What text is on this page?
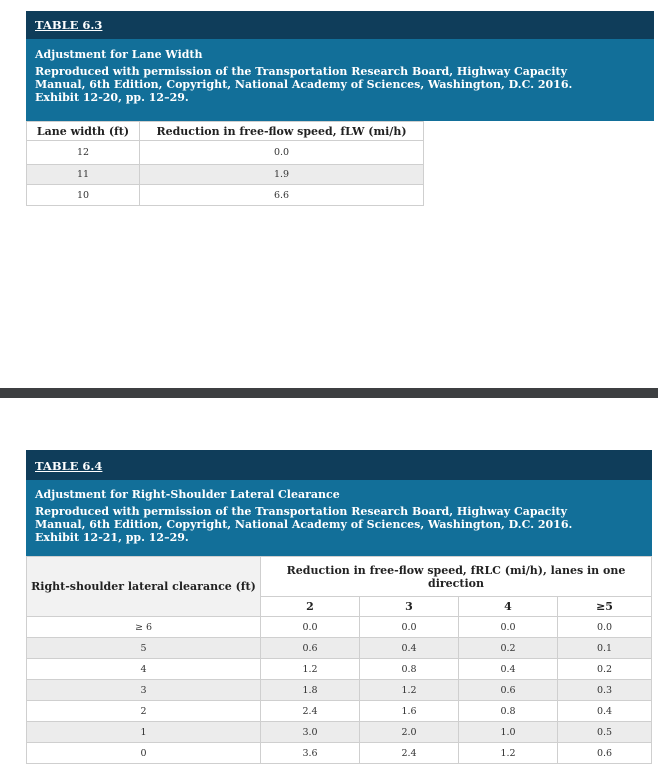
TABLE 6.3
Adjustment for Lane Width
Reproduced with permission of the Transportation Research Board, Highway Capacity
Manual, 6th Edition, Copyright, National Academy of Sciences, Washington, D.C. 2016.
Exhibit 12-20, pp. 12–29.
Lane width (ft)	Reduction in free-flow speed, fLW (mi/h)
12	0.0
11	1.9
10	6.6
TABLE 6.4
Adjustment for Right-Shoulder Lateral Clearance
Reproduced with permission of the Transportation Research Board, Highway Capacity
Manual, 6th Edition, Copyright, National Academy of Sciences, Washington, D.C. 2016.
Exhibit 12-21, pp. 12–29.
Right-shoulder lateral clearance (ft)	Reduction in free-flow speed, fRLC (mi/h), lanes in one direction			
	2	3	4	≥5
≥ 6	0.0	0.0	0.0	0.0
5	0.6	0.4	0.2	0.1
4	1.2	0.8	0.4	0.2
3	1.8	1.2	0.6	0.3
2	2.4	1.6	0.8	0.4
1	3.0	2.0	1.0	0.5
0	3.6	2.4	1.2	0.6
